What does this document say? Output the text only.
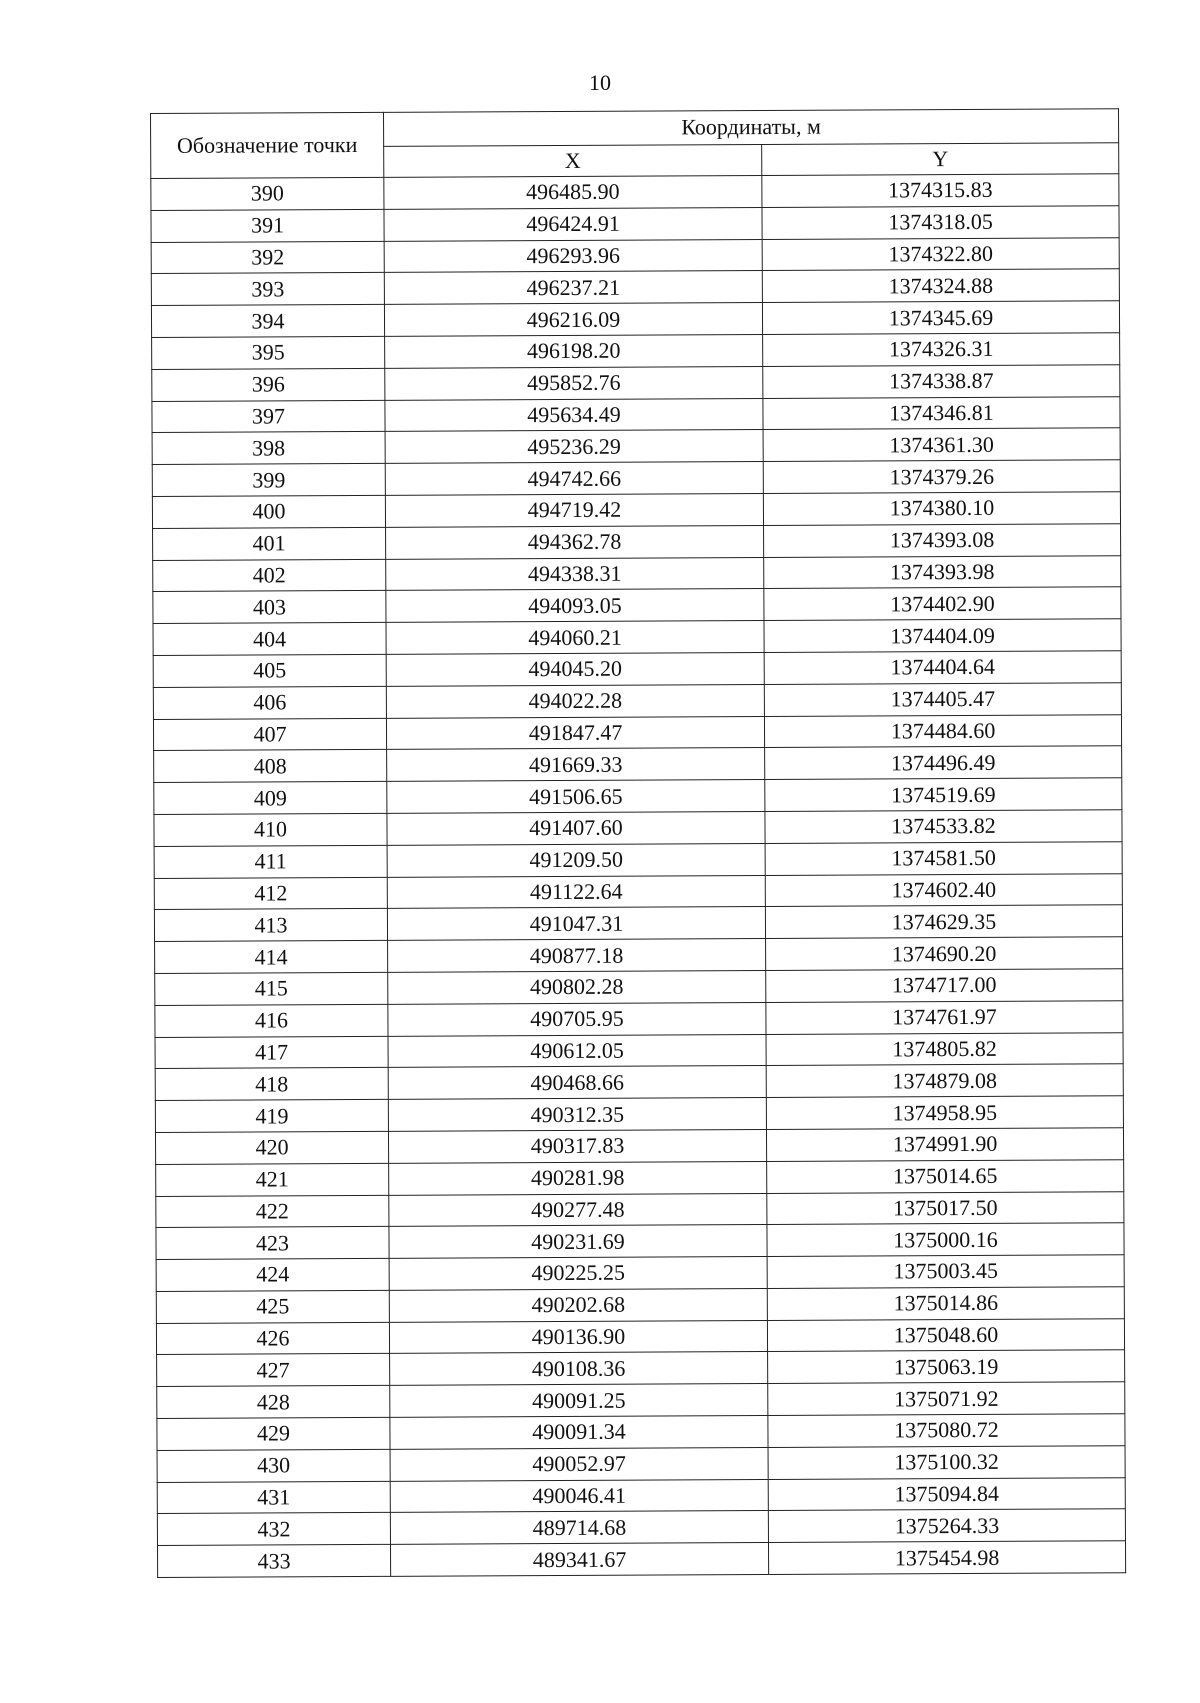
10
Обозначение точки	Координаты, м	
	X	Y
390	496485.90	1374315.83
391	496424.91	1374318.05
392	496293.96	1374322.80
393	496237.21	1374324.88
394	496216.09	1374345.69
395	496198.20	1374326.31
396	495852.76	1374338.87
397	495634.49	1374346.81
398	495236.29	1374361.30
399	494742.66	1374379.26
400	494719.42	1374380.10
401	494362.78	1374393.08
402	494338.31	1374393.98
403	494093.05	1374402.90
404	494060.21	1374404.09
405	494045.20	1374404.64
406	494022.28	1374405.47
407	491847.47	1374484.60
408	491669.33	1374496.49
409	491506.65	1374519.69
410	491407.60	1374533.82
411	491209.50	1374581.50
412	491122.64	1374602.40
413	491047.31	1374629.35
414	490877.18	1374690.20
415	490802.28	1374717.00
416	490705.95	1374761.97
417	490612.05	1374805.82
418	490468.66	1374879.08
419	490312.35	1374958.95
420	490317.83	1374991.90
421	490281.98	1375014.65
422	490277.48	1375017.50
423	490231.69	1375000.16
424	490225.25	1375003.45
425	490202.68	1375014.86
426	490136.90	1375048.60
427	490108.36	1375063.19
428	490091.25	1375071.92
429	490091.34	1375080.72
430	490052.97	1375100.32
431	490046.41	1375094.84
432	489714.68	1375264.33
433	489341.67	1375454.98
